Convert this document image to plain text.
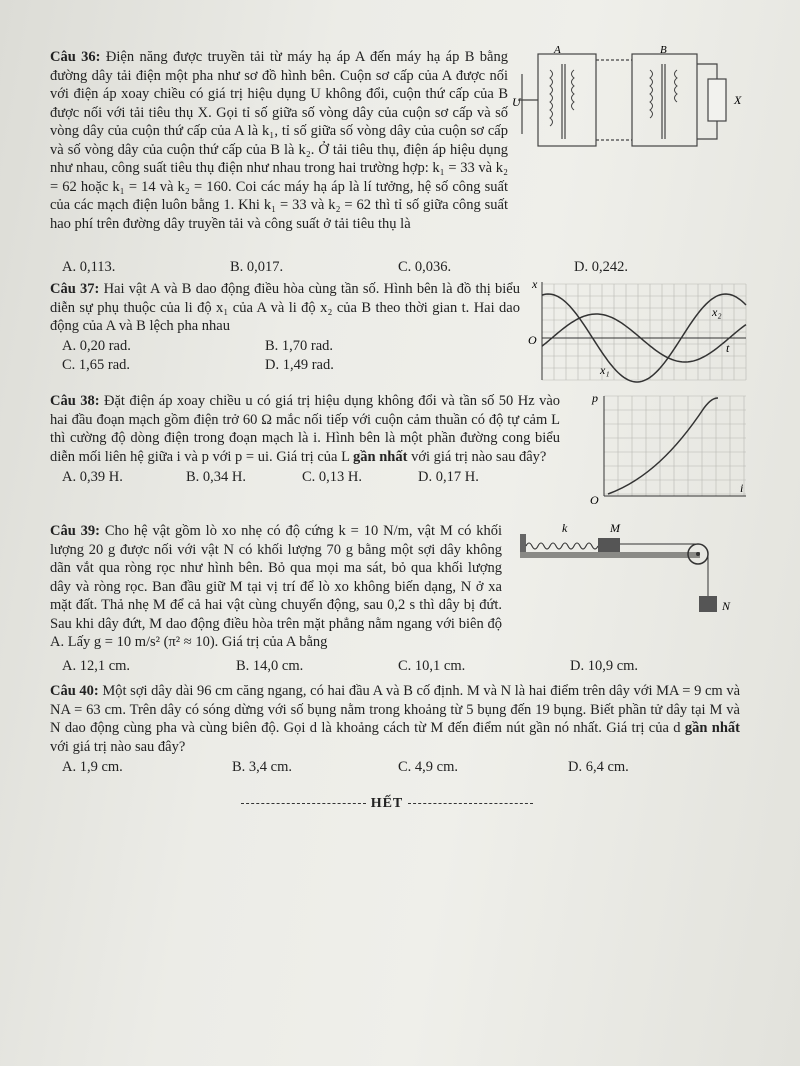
Câu 36: Điện năng được truyền tải từ máy hạ áp A đến máy hạ áp B bằng đường dây tải điện một pha như sơ đồ hình bên. Cuộn sơ cấp của A được nối với điện áp xoay chiều có giá trị hiệu dụng U không đổi, cuộn thứ cấp của B được nối với tải tiêu thụ X. Gọi tỉ số giữa số vòng dây của cuộn sơ cấp và số vòng dây của cuộn thứ cấp của A là k₁, tỉ số giữa số vòng dây của cuộn sơ cấp và số vòng dây của cuộn thứ cấp của B là k₂. Ở tải tiêu thụ, điện áp hiệu dụng như nhau, công suất tiêu thụ điện như nhau trong hai trường hợp: k₁ = 33 và k₂ = 62 hoặc k₁ = 14 và k₂ = 160. Coi các máy hạ áp là lí tưởng, hệ số công suất của các mạch điện luôn bằng 1. Khi k₁ = 33 và k₂ = 62 thì tỉ số giữa công suất hao phí trên đường dây truyền tải và công suất ở tải tiêu thụ là

A. 0,113.	B. 0,017.	C. 0,036.	D. 0,242.
A	B
U	X

Câu 37: Hai vật A và B dao động điều hòa cùng tần số. Hình bên là đồ thị biểu diễn sự phụ thuộc của li độ x₁ của A và li độ x₂ của B theo thời gian t. Hai dao động của A và B lệch pha nhau

A. 0,20 rad.	B. 1,70 rad.
C. 1,65 rad.	D. 1,49 rad.
x
t
O
x₂
x₁

Câu 38: Đặt điện áp xoay chiều u có giá trị hiệu dụng không đổi và tần số 50 Hz vào hai đầu đoạn mạch gồm điện trở 60 Ω mắc nối tiếp với cuộn cảm thuần có độ tự cảm L thì cường độ dòng điện trong đoạn mạch là i. Hình bên là một phần đường cong biểu diễn mối liên hệ giữa i và p với p = ui. Giá trị của L gần nhất với giá trị nào sau đây?

A. 0,39 H.	B. 0,34 H.	C. 0,13 H.	D. 0,17 H.
p
i
O

Câu 39: Cho hệ vật gồm lò xo nhẹ có độ cứng k = 10 N/m, vật M có khối lượng 20 g được nối với vật N có khối lượng 70 g bằng một sợi dây không dãn vắt qua ròng rọc như hình bên. Bỏ qua mọi ma sát, bỏ qua khối lượng dây và ròng rọc. Ban đầu giữ M tại vị trí để lò xo không biến dạng, N ở xa mặt đất. Thả nhẹ M để cả hai vật cùng chuyển động, sau 0,2 s thì dây bị đứt. Sau khi dây đứt, M dao động điều hòa trên mặt phẳng nằm ngang với biên độ A. Lấy g = 10 m/s² (π² ≈ 10). Giá trị của A bằng

A. 12,1 cm.	B. 14,0 cm.	C. 10,1 cm.	D. 10,9 cm.
k	M
N

Câu 40: Một sợi dây dài 96 cm căng ngang, có hai đầu A và B cố định. M và N là hai điểm trên dây với MA = 9 cm và NA = 63 cm. Trên dây có sóng dừng với số bụng nằm trong khoảng từ 5 bụng đến 19 bụng. Biết phần tử dây tại M và N dao động cùng pha và cùng biên độ. Gọi d là khoảng cách từ M đến điểm nút gần nó nhất. Giá trị của d gần nhất với giá trị nào sau đây?

A. 1,9 cm.	B. 3,4 cm.	C. 4,9 cm.	D. 6,4 cm.
HẾT
